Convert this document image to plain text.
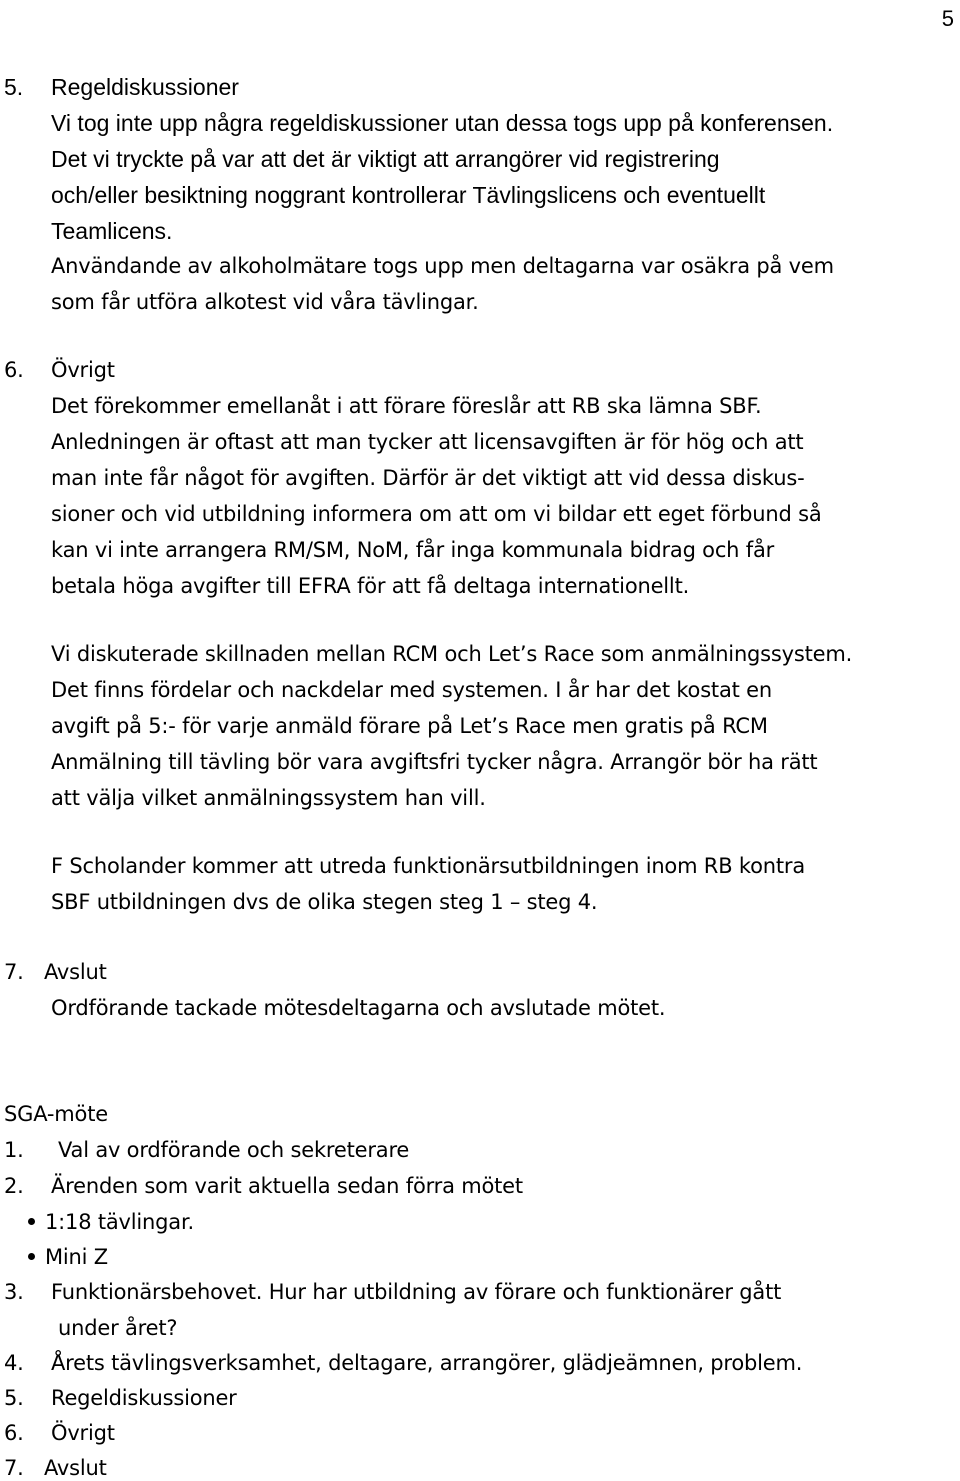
5
5. Regeldiskussioner
Vi tog inte upp några regeldiskussioner utan dessa togs upp på konferensen.
Det vi tryckte på var att det är viktigt att arrangörer vid registrering
och/eller besiktning noggrant kontrollerar Tävlingslicens och eventuellt
Teamlicens.
Användande av alkoholmätare togs upp men deltagarna var osäkra på vem
som får utföra alkotest vid våra tävlingar.
6. Övrigt
Det förekommer emellanåt i att förare föreslår att RB ska lämna SBF.
Anledningen är oftast att man tycker att licensavgiften är för hög och att
man inte får något för avgiften. Därför är det viktigt att vid dessa diskus-
sioner och vid utbildning informera om att om vi bildar ett eget förbund så
kan vi inte arrangera RM/SM, NoM, får inga kommunala bidrag och får
betala höga avgifter till EFRA för att få deltaga internationellt.
Vi diskuterade skillnaden mellan RCM och Let’s Race som anmälningssystem.
Det finns fördelar och nackdelar med systemen. I år har det kostat en
avgift på 5:- för varje anmäld förare på Let’s Race men gratis på RCM
Anmälning till tävling bör vara avgiftsfri tycker några. Arrangör bör ha rätt
att välja vilket anmälningssystem han vill.
F Scholander kommer att utreda funktionärsutbildningen inom RB kontra
SBF utbildningen dvs de olika stegen steg 1 – steg 4.
7. Avslut
Ordförande tackade mötesdeltagarna och avslutade mötet.
SGA-möte
1. Val av ordförande och sekreterare
2. Ärenden som varit aktuella sedan förra mötet
1:18 tävlingar.
Mini Z
3. Funktionärsbehovet. Hur har utbildning av förare och funktionärer gått
under året?
4. Årets tävlingsverksamhet, deltagare, arrangörer, glädjeämnen, problem.
5. Regeldiskussioner
6. Övrigt
7. Avslut
